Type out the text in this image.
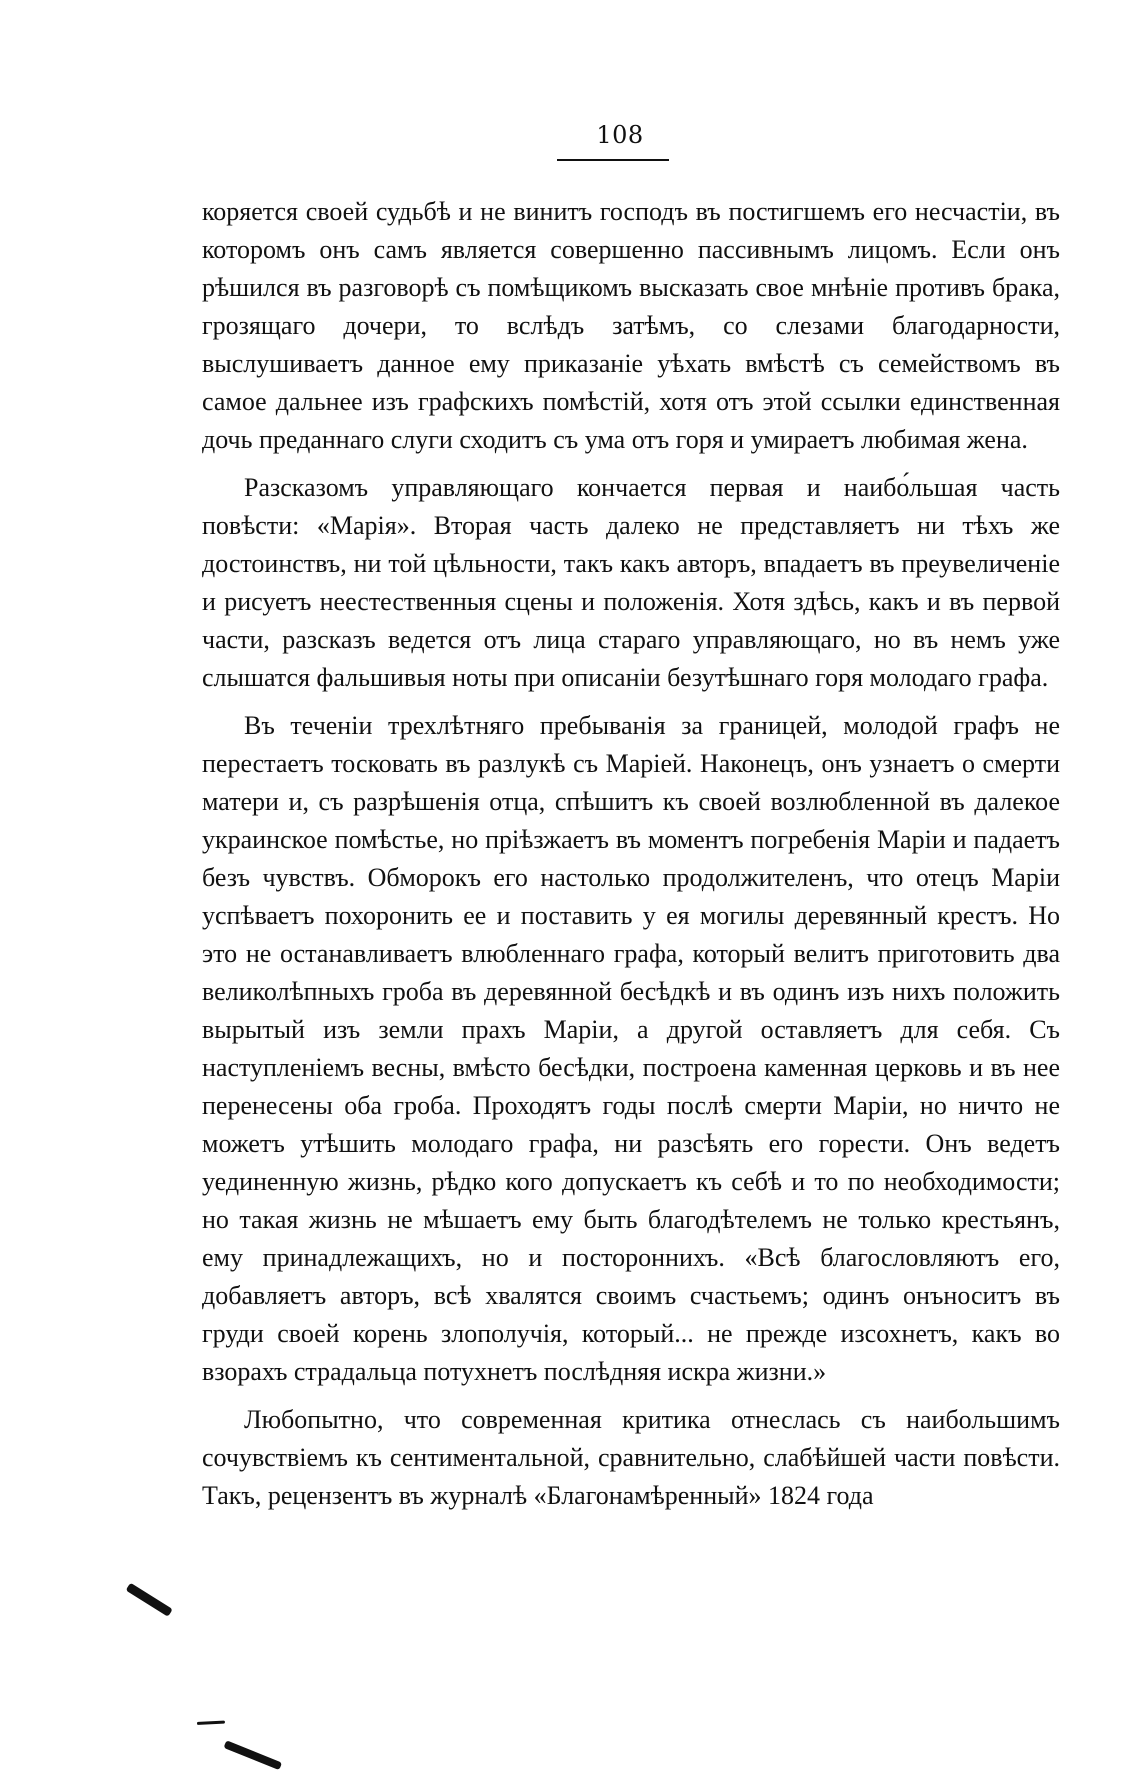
108

коряется своей судьбѣ и не винитъ господъ въ постигшемъ его несчастіи, въ которомъ онъ самъ является совершенно пассивнымъ лицомъ. Если онъ рѣшился въ разговорѣ съ помѣщикомъ высказать свое мнѣніе противъ брака, грозящаго дочери, то вслѣдъ затѣмъ, со слезами благодарности, выслушиваетъ данное ему приказаніе уѣхать вмѣстѣ съ семействомъ въ самое дальнее изъ графскихъ помѣстій, хотя отъ этой ссылки единственная дочь преданнаго слуги сходитъ съ ума отъ горя и умираетъ любимая жена.

Разсказомъ управляющаго кончается первая и наибо́льшая часть повѣсти: «Марія». Вторая часть далеко не представляетъ ни тѣхъ же достоинствъ, ни той цѣльности, такъ какъ авторъ, впадаетъ въ преувеличеніе и рисуетъ неестественныя сцены и положенія. Хотя здѣсь, какъ и въ первой части, разсказъ ведется отъ лица стараго управляющаго, но въ немъ уже слышатся фальшивыя ноты при описаніи безутѣшнаго горя молодаго графа.

Въ теченіи трехлѣтняго пребыванія за границей, молодой графъ не перестаетъ тосковать въ разлукѣ съ Маріей. Наконецъ, онъ узнаетъ о смерти матери и, съ разрѣшенія отца, спѣшитъ къ своей возлюбленной въ далекое украинское помѣстье, но пріѣзжаетъ въ моментъ погребенія Маріи и падаетъ безъ чувствъ. Обморокъ его настолько продолжителенъ, что отецъ Маріи успѣваетъ похоронить ее и поставить у ея могилы деревянный крестъ. Но это не останавливаетъ влюбленнаго графа, который велитъ приготовить два великолѣпныхъ гроба въ деревянной бесѣдкѣ и въ одинъ изъ нихъ положить вырытый изъ земли прахъ Маріи, а другой оставляетъ для себя. Съ наступленіемъ весны, вмѣсто бесѣдки, построена каменная церковь и въ нее перенесены оба гроба. Проходятъ годы послѣ смерти Маріи, но ничто не можетъ утѣшить молодаго графа, ни разсѣять его горести. Онъ ведетъ уединенную жизнь, рѣдко кого допускаетъ къ себѣ и то по необходимости; но такая жизнь не мѣшаетъ ему быть благодѣтелемъ не только крестьянъ, ему принадлежащихъ, но и постороннихъ. «Всѣ благословляютъ его, добавляетъ авторъ, всѣ хвалятся своимъ счастьемъ; одинъ онъноситъ въ груди своей корень злополучія, который... не прежде изсохнетъ, какъ во взорахъ страдальца потухнетъ послѣдняя искра жизни.»

Любопытно, что современная критика отнеслась съ наибольшимъ сочувствіемъ къ сентиментальной, сравнительно, слабѣйшей части повѣсти. Такъ, рецензентъ въ журналѣ «Благонамѣренный» 1824 года
